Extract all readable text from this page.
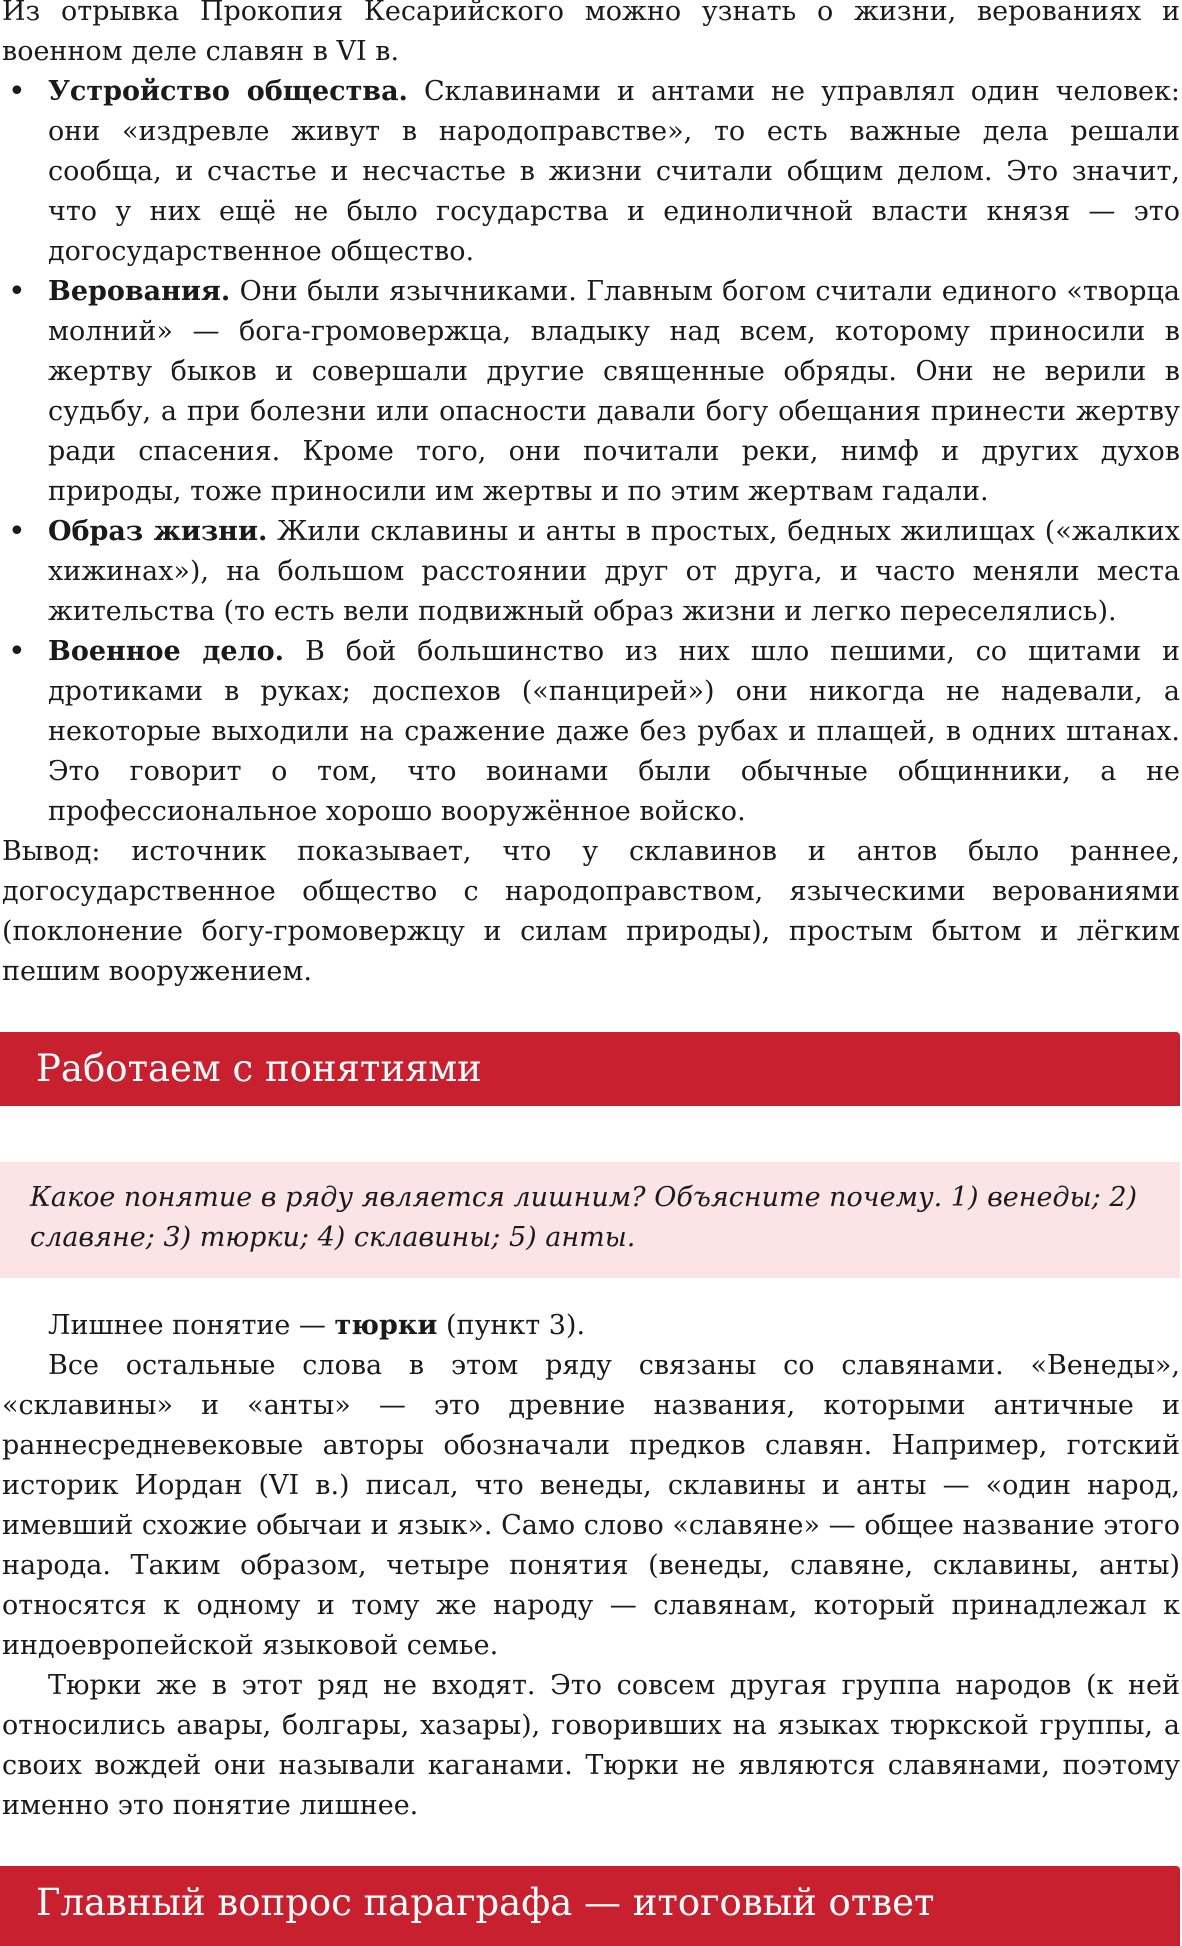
Из отрывка Прокопия Кесарийского можно узнать о жизни, верованиях и военном деле славян в VI в.

• Устройство общества. Склавинами и антами не управлял один человек: они «издревле живут в народоправстве», то есть важные дела решали сообща, и счастье и несчастье в жизни считали общим делом. Это значит, что у них ещё не было государства и единоличной власти князя — это догосударственное общество.
• Верования. Они были язычниками. Главным богом считали единого «творца молний» — бога-громовержца, владыку над всем, которому приносили в жертву быков и совершали другие священные обряды. Они не верили в судьбу, а при болезни или опасности давали богу обещания принести жертву ради спасения. Кроме того, они почитали реки, нимф и других духов природы, тоже приносили им жертвы и по этим жертвам гадали.
• Образ жизни. Жили склавины и анты в простых, бедных жилищах («жалких хижинах»), на большом расстоянии друг от друга, и часто меняли места жительства (то есть вели подвижный образ жизни и легко переселялись).
• Военное дело. В бой большинство из них шло пешими, со щитами и дротиками в руках; доспехов («панцирей») они никогда не надевали, а некоторые выходили на сражение даже без рубах и плащей, в одних штанах. Это говорит о том, что воинами были обычные общинники, а не профессиональное хорошо вооружённое войско.

Вывод: источник показывает, что у склавинов и антов было раннее, догосударственное общество с народоправством, языческими верованиями (поклонение богу-громовержцу и силам природы), простым бытом и лёгким пешим вооружением.

Работаем с понятиями
Какое понятие в ряду является лишним? Объясните почему. 1) венеды; 2) славяне; 3) тюрки; 4) склавины; 5) анты.

Лишнее понятие — тюрки (пункт 3).

Все остальные слова в этом ряду связаны со славянами. «Венеды», «склавины» и «анты» — это древние названия, которыми античные и раннесредневековые авторы обозначали предков славян. Например, готский историк Иордан (VI в.) писал, что венеды, склавины и анты — «один народ, имевший схожие обычаи и язык». Само слово «славяне» — общее название этого народа. Таким образом, четыре понятия (венеды, славяне, склавины, анты) относятся к одному и тому же народу — славянам, который принадлежал к индоевропейской языковой семье.

Тюрки же в этот ряд не входят. Это совсем другая группа народов (к ней относились авары, болгары, хазары), говоривших на языках тюркской группы, а своих вождей они называли каганами. Тюрки не являются славянами, поэтому именно это понятие лишнее.

Главный вопрос параграфа — итоговый ответ
